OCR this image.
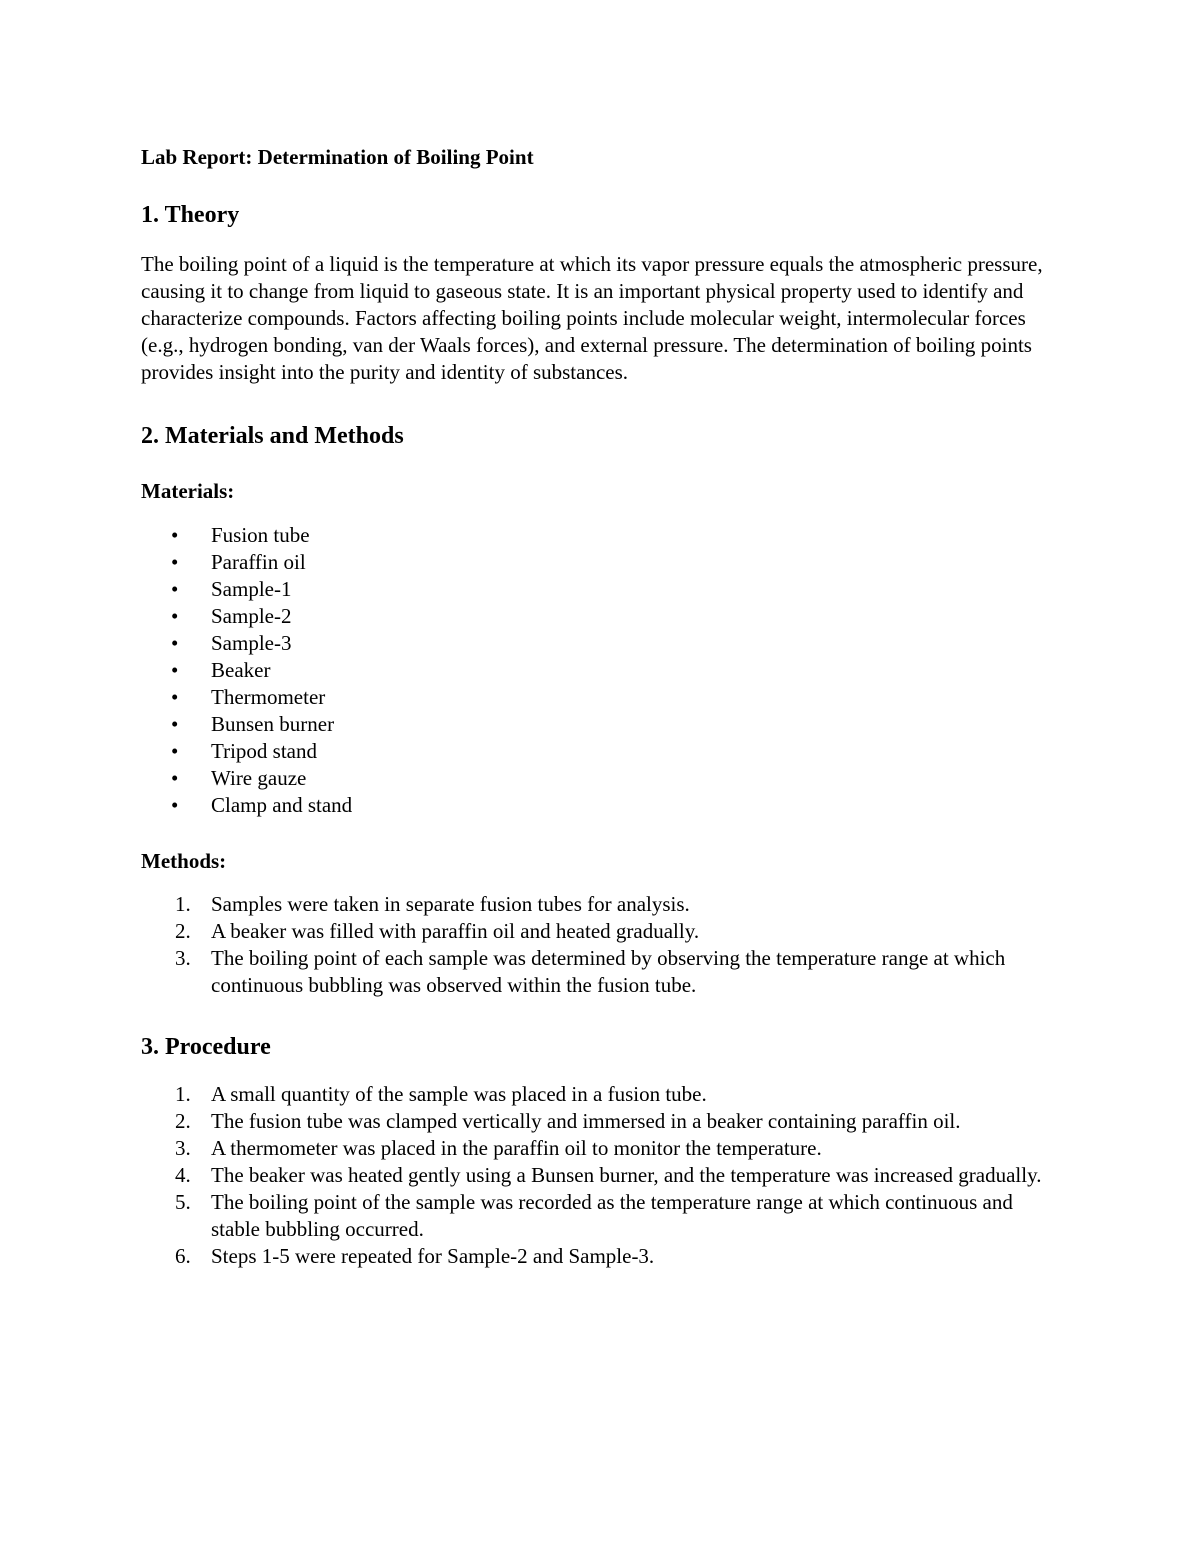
Lab Report: Determination of Boiling Point

1. Theory

The boiling point of a liquid is the temperature at which its vapor pressure equals the atmospheric pressure, causing it to change from liquid to gaseous state. It is an important physical property used to identify and characterize compounds. Factors affecting boiling points include molecular weight, intermolecular forces (e.g., hydrogen bonding, van der Waals forces), and external pressure. The determination of boiling points provides insight into the purity and identity of substances.

2. Materials and Methods

Materials:

• Fusion tube
• Paraffin oil
• Sample-1
• Sample-2
• Sample-3
• Beaker
• Thermometer
• Bunsen burner
• Tripod stand
• Wire gauze
• Clamp and stand

Methods:

1. Samples were taken in separate fusion tubes for analysis.
2. A beaker was filled with paraffin oil and heated gradually.
3. The boiling point of each sample was determined by observing the temperature range at which continuous bubbling was observed within the fusion tube.
3. Procedure
1. A small quantity of the sample was placed in a fusion tube.
2. The fusion tube was clamped vertically and immersed in a beaker containing paraffin oil.
3. A thermometer was placed in the paraffin oil to monitor the temperature.
4. The beaker was heated gently using a Bunsen burner, and the temperature was increased gradually.
5. The boiling point of the sample was recorded as the temperature range at which continuous and stable bubbling occurred.
6. Steps 1-5 were repeated for Sample-2 and Sample-3.
